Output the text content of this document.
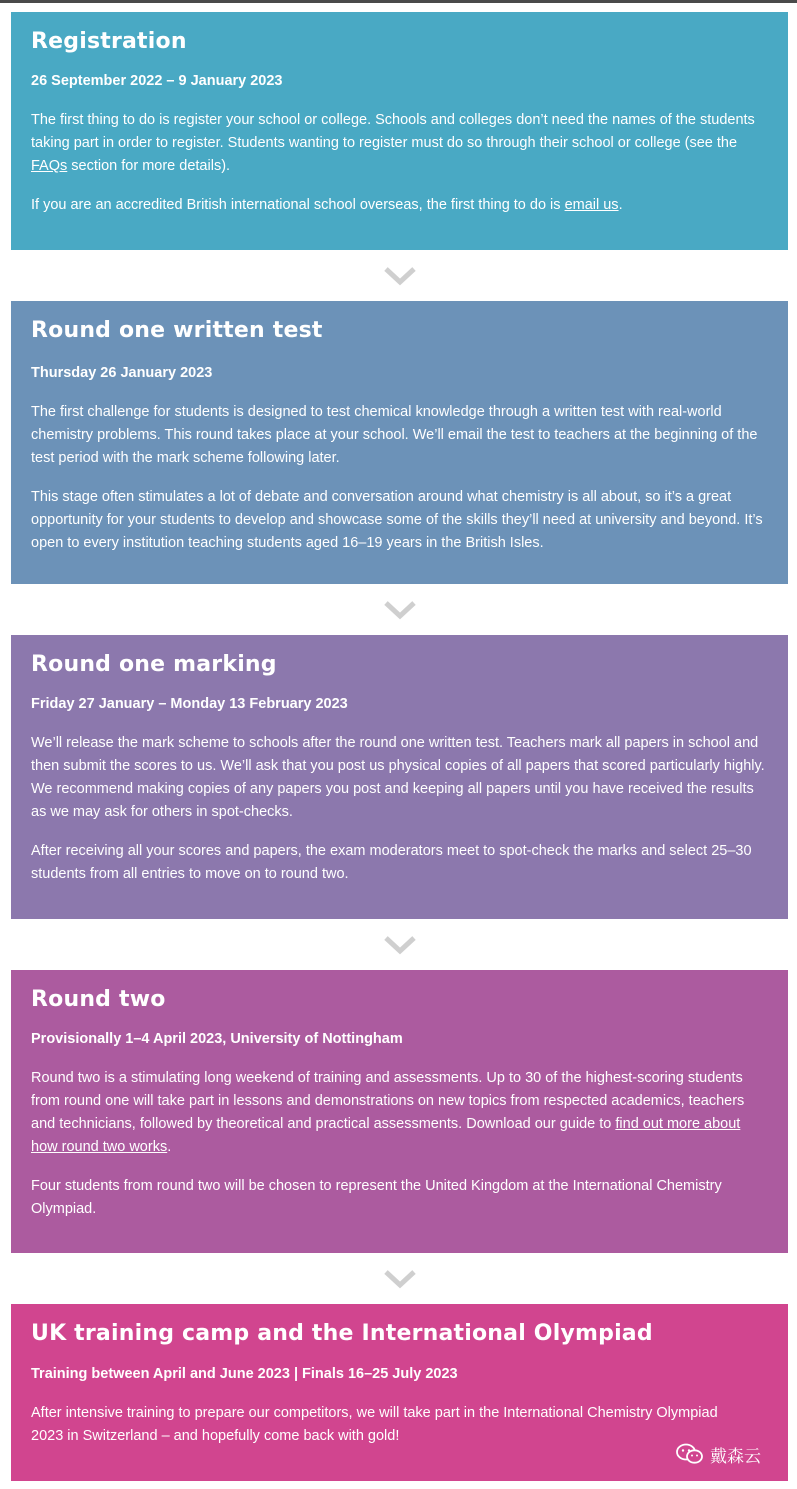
Registration

26 September 2022 – 9 January 2023

The first thing to do is register your school or college. Schools and colleges don’t need the names of the students taking part in order to register. Students wanting to register must do so through their school or college (see the FAQs section for more details).

If you are an accredited British international school overseas, the first thing to do is email us.

Round one written test

Thursday 26 January 2023

The first challenge for students is designed to test chemical knowledge through a written test with real-world chemistry problems. This round takes place at your school. We’ll email the test to teachers at the beginning of the test period with the mark scheme following later.

This stage often stimulates a lot of debate and conversation around what chemistry is all about, so it’s a great opportunity for your students to develop and showcase some of the skills they’ll need at university and beyond. It’s open to every institution teaching students aged 16–19 years in the British Isles.

Round one marking

Friday 27 January – Monday 13 February 2023

We’ll release the mark scheme to schools after the round one written test. Teachers mark all papers in school and then submit the scores to us. We’ll ask that you post us physical copies of all papers that scored particularly highly. We recommend making copies of any papers you post and keeping all papers until you have received the results as we may ask for others in spot-checks.

After receiving all your scores and papers, the exam moderators meet to spot-check the marks and select 25–30 students from all entries to move on to round two.

Round two

Provisionally 1–4 April 2023, University of Nottingham

Round two is a stimulating long weekend of training and assessments. Up to 30 of the highest-scoring students from round one will take part in lessons and demonstrations on new topics from respected academics, teachers and technicians, followed by theoretical and practical assessments. Download our guide to find out more about how round two works.

Four students from round two will be chosen to represent the United Kingdom at the International Chemistry Olympiad.

UK training camp and the International Olympiad

Training between April and June 2023 | Finals 16–25 July 2023

After intensive training to prepare our competitors, we will take part in the International Chemistry Olympiad 2023 in Switzerland – and hopefully come back with gold!

戴森云
